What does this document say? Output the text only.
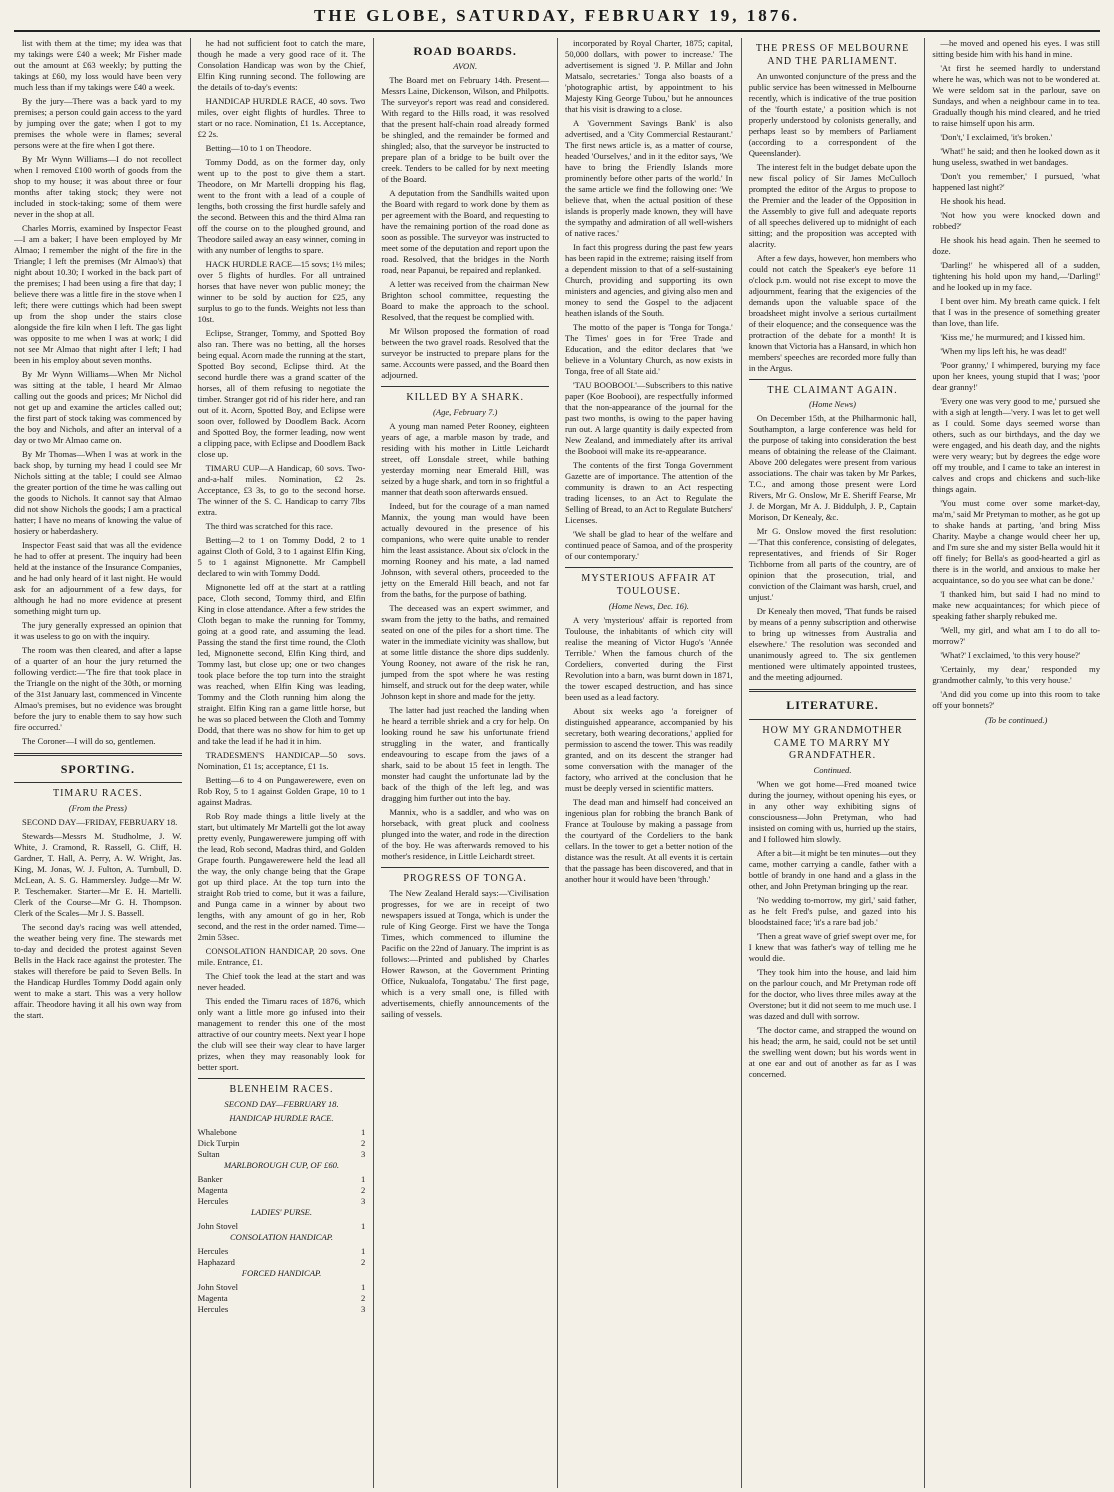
THE GLOBE, SATURDAY, FEBRUARY 19, 1876.

list with them at the time; my idea was that my takings were £40 a week; Mr Fisher made out the amount at £63 weekly; by putting the takings at £60, my loss would have been very much less than if my takings were £40 a week.

By the jury—There was a back yard to my premises; a person could gain access to the yard by jumping over the gate; when I got to my premises the whole were in flames; several persons were at the fire when I got there.

By Mr Wynn Williams—I do not recollect when I removed £100 worth of goods from the shop to my house; it was about three or four months after taking stock; they were not included in stock-taking; some of them were never in the shop at all.

Charles Morris, examined by Inspector Feast—I am a baker; I have been employed by Mr Almao; I remember the night of the fire in the Triangle; I left the premises (Mr Almao's) that night about 10.30; I worked in the back part of the premises; I had been using a fire that day; I believe there was a little fire in the stove when I left; there were cuttings which had been swept up from the shop under the stairs close alongside the fire kiln when I left. The gas light was opposite to me when I was at work; I did not see Mr Almao that night after I left; I had been in his employ about seven months.

By Mr Wynn Williams—When Mr Nichol was sitting at the table, I heard Mr Almao calling out the goods and prices; Mr Nichol did not get up and examine the articles called out; the first part of stock taking was commenced by the boy and Nichols, and after an interval of a day or two Mr Almao came on.

By Mr Thomas—When I was at work in the back shop, by turning my head I could see Mr Nichols sitting at the table; I could see Almao the greater portion of the time he was calling out the goods to Nichols. It cannot say that Almao did not show Nichols the goods; I am a practical hatter; I have no means of knowing the value of hosiery or haberdashery.

Inspector Feast said that was all the evidence he had to offer at present. The inquiry had been held at the instance of the Insurance Companies, and he had only heard of it last night. He would ask for an adjournment of a few days, for although he had no more evidence at present something might turn up.

The jury generally expressed an opinion that it was useless to go on with the inquiry.

The room was then cleared, and after a lapse of a quarter of an hour the jury returned the following verdict:—'The fire that took place in the Triangle on the night of the 30th, or morning of the 31st January last, commenced in Vincente Almao's premises, but no evidence was brought before the jury to enable them to say how such fire occurred.'

The Coroner—I will do so, gentlemen.

SPORTING.
TIMARU RACES.
(From the Press)

SECOND DAY—FRIDAY, FEBRUARY 18.

Stewards—Messrs M. Studholme, J. W. White, J. Cramond, R. Rassell, G. Cliff, H. Gardner, T. Hall, A. Perry, A. W. Wright, Jas. King, M. Jonas, W. J. Fulton, A. Turnbull, D. McLean, A. S. G. Hammersley. Judge—Mr W. P. Teschemaker. Starter—Mr E. H. Martelli. Clerk of the Course—Mr G. H. Thompson. Clerk of the Scales—Mr J. S. Bassell.

The second day's racing was well attended, the weather being very fine. The stewards met to-day and decided the protest against Seven Bells in the Hack race against the protester. The stakes will therefore be paid to Seven Bells. In the Handicap Hurdles Tommy Dodd again only went to make a start. This was a very hollow affair. Theodore having it all his own way from the start.

he had not sufficient foot to catch the mare, though he made a very good race of it. The Consolation Handicap was won by the Chief, Elfin King running second. The following are the details of to-day's events:

HANDICAP HURDLE RACE, 40 sovs. Two miles, over eight flights of hurdles. Three to start or no race. Nomination, £1 1s. Acceptance, £2 2s.

Betting—10 to 1 on Theodore.

Tommy Dodd, as on the former day, only went up to the post to give them a start. Theodore, on Mr Martelli dropping his flag, went to the front with a lead of a couple of lengths, both crossing the first hurdle safely and the second. Between this and the third Alma ran off the course on to the ploughed ground, and Theodore sailed away an easy winner, coming in with any number of lengths to spare.

HACK HURDLE RACE—15 sovs; 1½ miles; over 5 flights of hurdles. For all untrained horses that have never won public money; the winner to be sold by auction for £25, any surplus to go to the funds. Weights not less than 10st.

Eclipse, Stranger, Tommy, and Spotted Boy also ran. There was no betting, all the horses being equal. Acorn made the running at the start, Spotted Boy second, Eclipse third. At the second hurdle there was a grand scatter of the horses, all of them refusing to negotiate the timber. Stranger got rid of his rider here, and ran out of it. Acorn, Spotted Boy, and Eclipse were soon over, followed by Doodlem Back. Acorn and Spotted Boy, the former leading, now went a clipping pace, with Eclipse and Doodlem Back close up.

TIMARU CUP—A Handicap, 60 sovs. Two-and-a-half miles. Nomination, £2 2s. Acceptance, £3 3s, to go to the second horse. The winner of the S. C. Handicap to carry 7lbs extra.

The third was scratched for this race.

Betting—2 to 1 on Tommy Dodd, 2 to 1 against Cloth of Gold, 3 to 1 against Elfin King, 5 to 1 against Mignonette. Mr Campbell declared to win with Tommy Dodd.

Mignonette led off at the start at a rattling pace, Cloth second, Tommy third, and Elfin King in close attendance. After a few strides the Cloth began to make the running for Tommy, going at a good rate, and assuming the lead. Passing the stand the first time round, the Cloth led, Mignonette second, Elfin King third, and Tommy last, but close up; one or two changes took place before the top turn into the straight was reached, when Elfin King was leading, Tommy and the Cloth running him along the straight. Elfin King ran a game little horse, but he was so placed between the Cloth and Tommy Dodd, that there was no show for him to get up and take the lead if he had it in him.

TRADESMEN'S HANDICAP—50 sovs. Nomination, £1 1s; acceptance, £1 1s.

Betting—6 to 4 on Pungawerewere, even on Rob Roy, 5 to 1 against Golden Grape, 10 to 1 against Madras.

Rob Roy made things a little lively at the start, but ultimately Mr Martelli got the lot away pretty evenly, Pungawerewere jumping off with the lead, Rob second, Madras third, and Golden Grape fourth. Pungawerewere held the lead all the way, the only change being that the Grape got up third place. At the top turn into the straight Rob tried to come, but it was a failure, and Punga came in a winner by about two lengths, with any amount of go in her, Rob second, and the rest in the order named. Time—2min 53sec.

CONSOLATION HANDICAP, 20 sovs. One mile. Entrance, £1.

The Chief took the lead at the start and was never headed.

This ended the Timaru races of 1876, which only want a little more go infused into their management to render this one of the most attractive of our country meets. Next year I hope the club will see their way clear to have larger prizes, when they may reasonably look for better sport.

BLENHEIM RACES.
SECOND DAY—FEBRUARY 18.
HANDICAP HURDLE RACE.
Whalebone	1
Dick Turpin	2
Sultan	3
MARLBOROUGH CUP, OF £60.
Banker	1
Magenta	2
Hercules	3
LADIES' PURSE.
John Stovel	1
CONSOLATION HANDICAP.
Hercules	1
Haphazard	2
FORCED HANDICAP.
John Stovel	1
Magenta	2
Hercules	3
ROAD BOARDS.
AVON.

The Board met on February 14th. Present—Messrs Laine, Dickenson, Wilson, and Philpotts. The surveyor's report was read and considered. With regard to the Hills road, it was resolved that the present half-chain road already formed be shingled, and the remainder be formed and shingled; also, that the surveyor be instructed to prepare plan of a bridge to be built over the creek. Tenders to be called for by next meeting of the Board.

A deputation from the Sandhills waited upon the Board with regard to work done by them as per agreement with the Board, and requesting to have the remaining portion of the road done as soon as possible. The surveyor was instructed to meet some of the deputation and report upon the road. Resolved, that the bridges in the North road, near Papanui, be repaired and replanked.

A letter was received from the chairman New Brighton school committee, requesting the Board to make the approach to the school. Resolved, that the request be complied with.

Mr Wilson proposed the formation of road between the two gravel roads. Resolved that the surveyor be instructed to prepare plans for the same. Accounts were passed, and the Board then adjourned.

KILLED BY A SHARK.
(Age, February 7.)

A young man named Peter Rooney, eighteen years of age, a marble mason by trade, and residing with his mother in Little Leichardt street, off Lonsdale street, while bathing yesterday morning near Emerald Hill, was seized by a huge shark, and torn in so frightful a manner that death soon afterwards ensued.

Indeed, but for the courage of a man named Mannix, the young man would have been actually devoured in the presence of his companions, who were quite unable to render him the least assistance. About six o'clock in the morning Rooney and his mate, a lad named Johnson, with several others, proceeded to the jetty on the Emerald Hill beach, and not far from the baths, for the purpose of bathing.

The deceased was an expert swimmer, and swam from the jetty to the baths, and remained seated on one of the piles for a short time. The water in the immediate vicinity was shallow, but at some little distance the shore dips suddenly. Young Rooney, not aware of the risk he ran, jumped from the spot where he was resting himself, and struck out for the deep water, while Johnson kept in shore and made for the jetty.

The latter had just reached the landing when he heard a terrible shriek and a cry for help. On looking round he saw his unfortunate friend struggling in the water, and frantically endeavouring to escape from the jaws of a shark, said to be about 15 feet in length. The monster had caught the unfortunate lad by the back of the thigh of the left leg, and was dragging him further out into the bay.

Mannix, who is a saddler, and who was on horseback, with great pluck and coolness plunged into the water, and rode in the direction of the boy. He was afterwards removed to his mother's residence, in Little Leichardt street.

PROGRESS OF TONGA.

The New Zealand Herald says:—'Civilisation progresses, for we are in receipt of two newspapers issued at Tonga, which is under the rule of King George. First we have the Tonga Times, which commenced to illumine the Pacific on the 22nd of January. The imprint is as follows:—Printed and published by Charles Hower Rawson, at the Government Printing Office, Nukualofa, Tongatabu.' The first page, which is a very small one, is filled with advertisements, chiefly announcements of the sailing of vessels.

incorporated by Royal Charter, 1875; capital, 50,000 dollars, with power to increase.' The advertisement is signed 'J. P. Millar and John Matsalo, secretaries.' Tonga also boasts of a 'photographic artist, by appointment to his Majesty King George Tubou,' but he announces that his visit is drawing to a close.

A 'Government Savings Bank' is also advertised, and a 'City Commercial Restaurant.' The first news article is, as a matter of course, headed 'Ourselves,' and in it the editor says, 'We have to bring the Friendly Islands more prominently before other parts of the world.' In the same article we find the following one: 'We believe that, when the actual position of these islands is properly made known, they will have the sympathy and admiration of all well-wishers of native races.'

In fact this progress during the past few years has been rapid in the extreme; raising itself from a dependent mission to that of a self-sustaining Church, providing and supporting its own ministers and agencies, and giving also men and money to send the Gospel to the adjacent heathen islands of the South.

The motto of the paper is 'Tonga for Tonga.' The Times' goes in for 'Free Trade and Education, and the editor declares that 'we believe in a Voluntary Church, as now exists in Tonga, free of all State aid.'

'TAU BOOBOOI.'—Subscribers to this native paper (Koe Boobooi), are respectfully informed that the non-appearance of the journal for the past two months, is owing to the paper having run out. A large quantity is daily expected from New Zealand, and immediately after its arrival the Boobooi will make its re-appearance.

The contents of the first Tonga Government Gazette are of importance. The attention of the community is drawn to an Act respecting trading licenses, to an Act to Regulate the Selling of Bread, to an Act to Regulate Butchers' Licenses.

'We shall be glad to hear of the welfare and continued peace of Samoa, and of the prosperity of our contemporary.'

MYSTERIOUS AFFAIR AT TOULOUSE.
(Home News, Dec. 16).

A very 'mysterious' affair is reported from Toulouse, the inhabitants of which city will realise the meaning of Victor Hugo's 'Année Terrible.' When the famous church of the Cordeliers, converted during the First Revolution into a barn, was burnt down in 1871, the tower escaped destruction, and has since been used as a lead factory.

About six weeks ago 'a foreigner of distinguished appearance, accompanied by his secretary, both wearing decorations,' applied for permission to ascend the tower. This was readily granted, and on its descent the stranger had some conversation with the manager of the factory, who arrived at the conclusion that he must be deeply versed in scientific matters.

The dead man and himself had conceived an ingenious plan for robbing the branch Bank of France at Toulouse by making a passage from the courtyard of the Cordeliers to the bank cellars. In the tower to get a better notion of the distance was the result. At all events it is certain that the passage has been discovered, and that in another hour it would have been 'through.'

THE PRESS OF MELBOURNE AND THE PARLIAMENT.

An unwonted conjuncture of the press and the public service has been witnessed in Melbourne recently, which is indicative of the true position of the 'fourth estate,' a position which is not properly understood by colonists generally, and perhaps least so by members of Parliament (according to a correspondent of the Queenslander).

The interest felt in the budget debate upon the new fiscal policy of Sir James McCulloch prompted the editor of the Argus to propose to the Premier and the leader of the Opposition in the Assembly to give full and adequate reports of all speeches delivered up to midnight of each sitting; and the proposition was accepted with alacrity.

After a few days, however, hon members who could not catch the Speaker's eye before 11 o'clock p.m. would not rise except to move the adjournment, fearing that the exigencies of the demands upon the valuable space of the broadsheet might involve a serious curtailment of their eloquence; and the consequence was the protraction of the debate for a month! It is known that Victoria has a Hansard, in which hon members' speeches are recorded more fully than in the Argus.

THE CLAIMANT AGAIN.
(Home News)

On December 15th, at the Philharmonic hall, Southampton, a large conference was held for the purpose of taking into consideration the best means of obtaining the release of the Claimant. Above 200 delegates were present from various associations. The chair was taken by Mr Parkes, T.C., and among those present were Lord Rivers, Mr G. Onslow, Mr E. Sheriff Fearse, Mr J. de Morgan, Mr A. J. Biddulph, J. P., Captain Morison, Dr Kenealy, &c.

Mr G. Onslow moved the first resolution:—'That this conference, consisting of delegates, representatives, and friends of Sir Roger Tichborne from all parts of the country, are of opinion that the prosecution, trial, and conviction of the Claimant was harsh, cruel, and unjust.'

Dr Kenealy then moved, 'That funds be raised by means of a penny subscription and otherwise to bring up witnesses from Australia and elsewhere.' The resolution was seconded and unanimously agreed to. The six gentlemen mentioned were ultimately appointed trustees, and the meeting adjourned.

LITERATURE.
HOW MY GRANDMOTHER CAME TO MARRY MY GRANDFATHER.
Continued.

'When we got home—Fred moaned twice during the journey, without opening his eyes, or in any other way exhibiting signs of consciousness—John Pretyman, who had insisted on coming with us, hurried up the stairs, and I followed him slowly.

After a bit—it might be ten minutes—out they came, mother carrying a candle, father with a bottle of brandy in one hand and a glass in the other, and John Pretyman bringing up the rear.

'No wedding to-morrow, my girl,' said father, as he felt Fred's pulse, and gazed into his bloodstained face; 'it's a rare bad job.'

'Then a great wave of grief swept over me, for I knew that was father's way of telling me he would die.

'They took him into the house, and laid him on the parlour couch, and Mr Pretyman rode off for the doctor, who lives three miles away at the Overstone; but it did not seem to me much use. I was dazed and dull with sorrow.

'The doctor came, and strapped the wound on his head; the arm, he said, could not be set until the swelling went down; but his words went in at one ear and out of another as far as I was concerned.

—he moved and opened his eyes. I was still sitting beside him with his hand in mine.

'At first he seemed hardly to understand where he was, which was not to be wondered at. We were seldom sat in the parlour, save on Sundays, and when a neighbour came in to tea. Gradually though his mind cleared, and he tried to raise himself upon his arm.

'Don't,' I exclaimed, 'it's broken.'

'What!' he said; and then he looked down as it hung useless, swathed in wet bandages.

'Don't you remember,' I pursued, 'what happened last night?'

He shook his head.

'Not how you were knocked down and robbed?'

He shook his head again. Then he seemed to doze.

'Darling!' he whispered all of a sudden, tightening his hold upon my hand,—'Darling!' and he looked up in my face.

I bent over him. My breath came quick. I felt that I was in the presence of something greater than love, than life.

'Kiss me,' he murmured; and I kissed him.

'When my lips left his, he was dead!'

'Poor granny,' I whimpered, burying my face upon her knees, young stupid that I was; 'poor dear granny!'

'Every one was very good to me,' pursued she with a sigh at length—'very. I was let to get well as I could. Some days seemed worse than others, such as our birthdays, and the day we were engaged, and his death day, and the nights were very weary; but by degrees the edge wore off my trouble, and I came to take an interest in calves and crops and chickens and such-like things again.

'You must come over some market-day, ma'm,' said Mr Pretyman to mother, as he got up to shake hands at parting, 'and bring Miss Charity. Maybe a change would cheer her up, and I'm sure she and my sister Bella would hit it off finely; for Bella's as good-hearted a girl as there is in the world, and anxious to make her acquaintance, so do you see what can be done.'

'I thanked him, but said I had no mind to make new acquaintances; for which piece of speaking father sharply rebuked me.

'Well, my girl, and what am I to do all to-morrow?'

'What?' I exclaimed, 'to this very house?'

'Certainly, my dear,' responded my grandmother calmly, 'to this very house.'

'And did you come up into this room to take off your bonnets?'

(To be continued.)
